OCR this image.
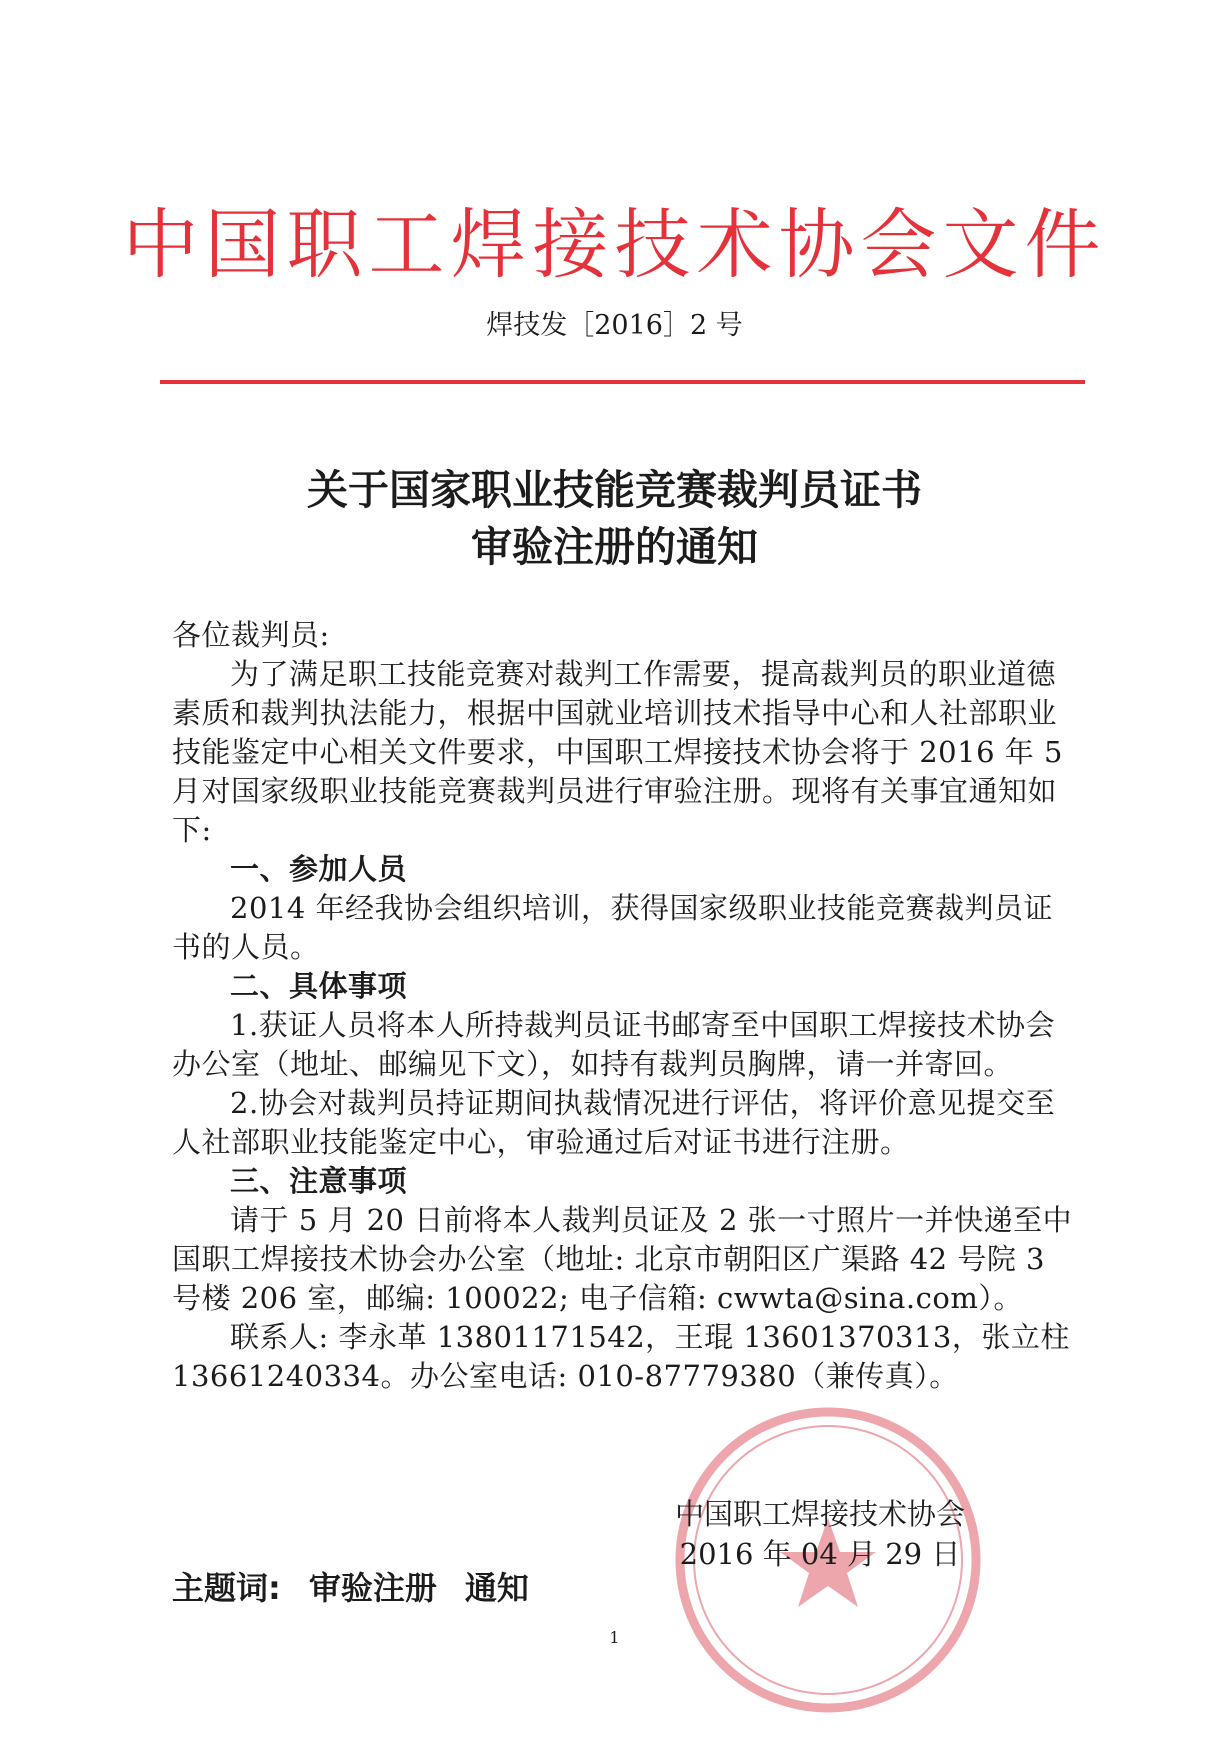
中国职工焊接技术协会文件
焊技发［2016］2 号
关于国家职业技能竞赛裁判员证书
审验注册的通知

各位裁判员:

为了满足职工技能竞赛对裁判工作需要，提高裁判员的职业道德素质和裁判执法能力，根据中国就业培训技术指导中心和人社部职业技能鉴定中心相关文件要求，中国职工焊接技术协会将于 2016 年 5 月对国家级职业技能竞赛裁判员进行审验注册。现将有关事宜通知如下:

一、参加人员

2014 年经我协会组织培训，获得国家级职业技能竞赛裁判员证书的人员。

二、具体事项

1.获证人员将本人所持裁判员证书邮寄至中国职工焊接技术协会办公室（地址、邮编见下文），如持有裁判员胸牌，请一并寄回。

2.协会对裁判员持证期间执裁情况进行评估，将评价意见提交至人社部职业技能鉴定中心，审验通过后对证书进行注册。

三、注意事项

请于 5 月 20 日前将本人裁判员证及 2 张一寸照片一并快递至中国职工焊接技术协会办公室（地址: 北京市朝阳区广渠路 42 号院 3 号楼 206 室，邮编: 100022; 电子信箱: cwwta@sina.com）。

联系人: 李永革 13801171542，王琨 13601370313，张立柱 13661240334。办公室电话: 010-87779380（兼传真）。

中国职工焊接技术协会
2016 年 04 月 29 日
主题词: 审验注册 通知
1
